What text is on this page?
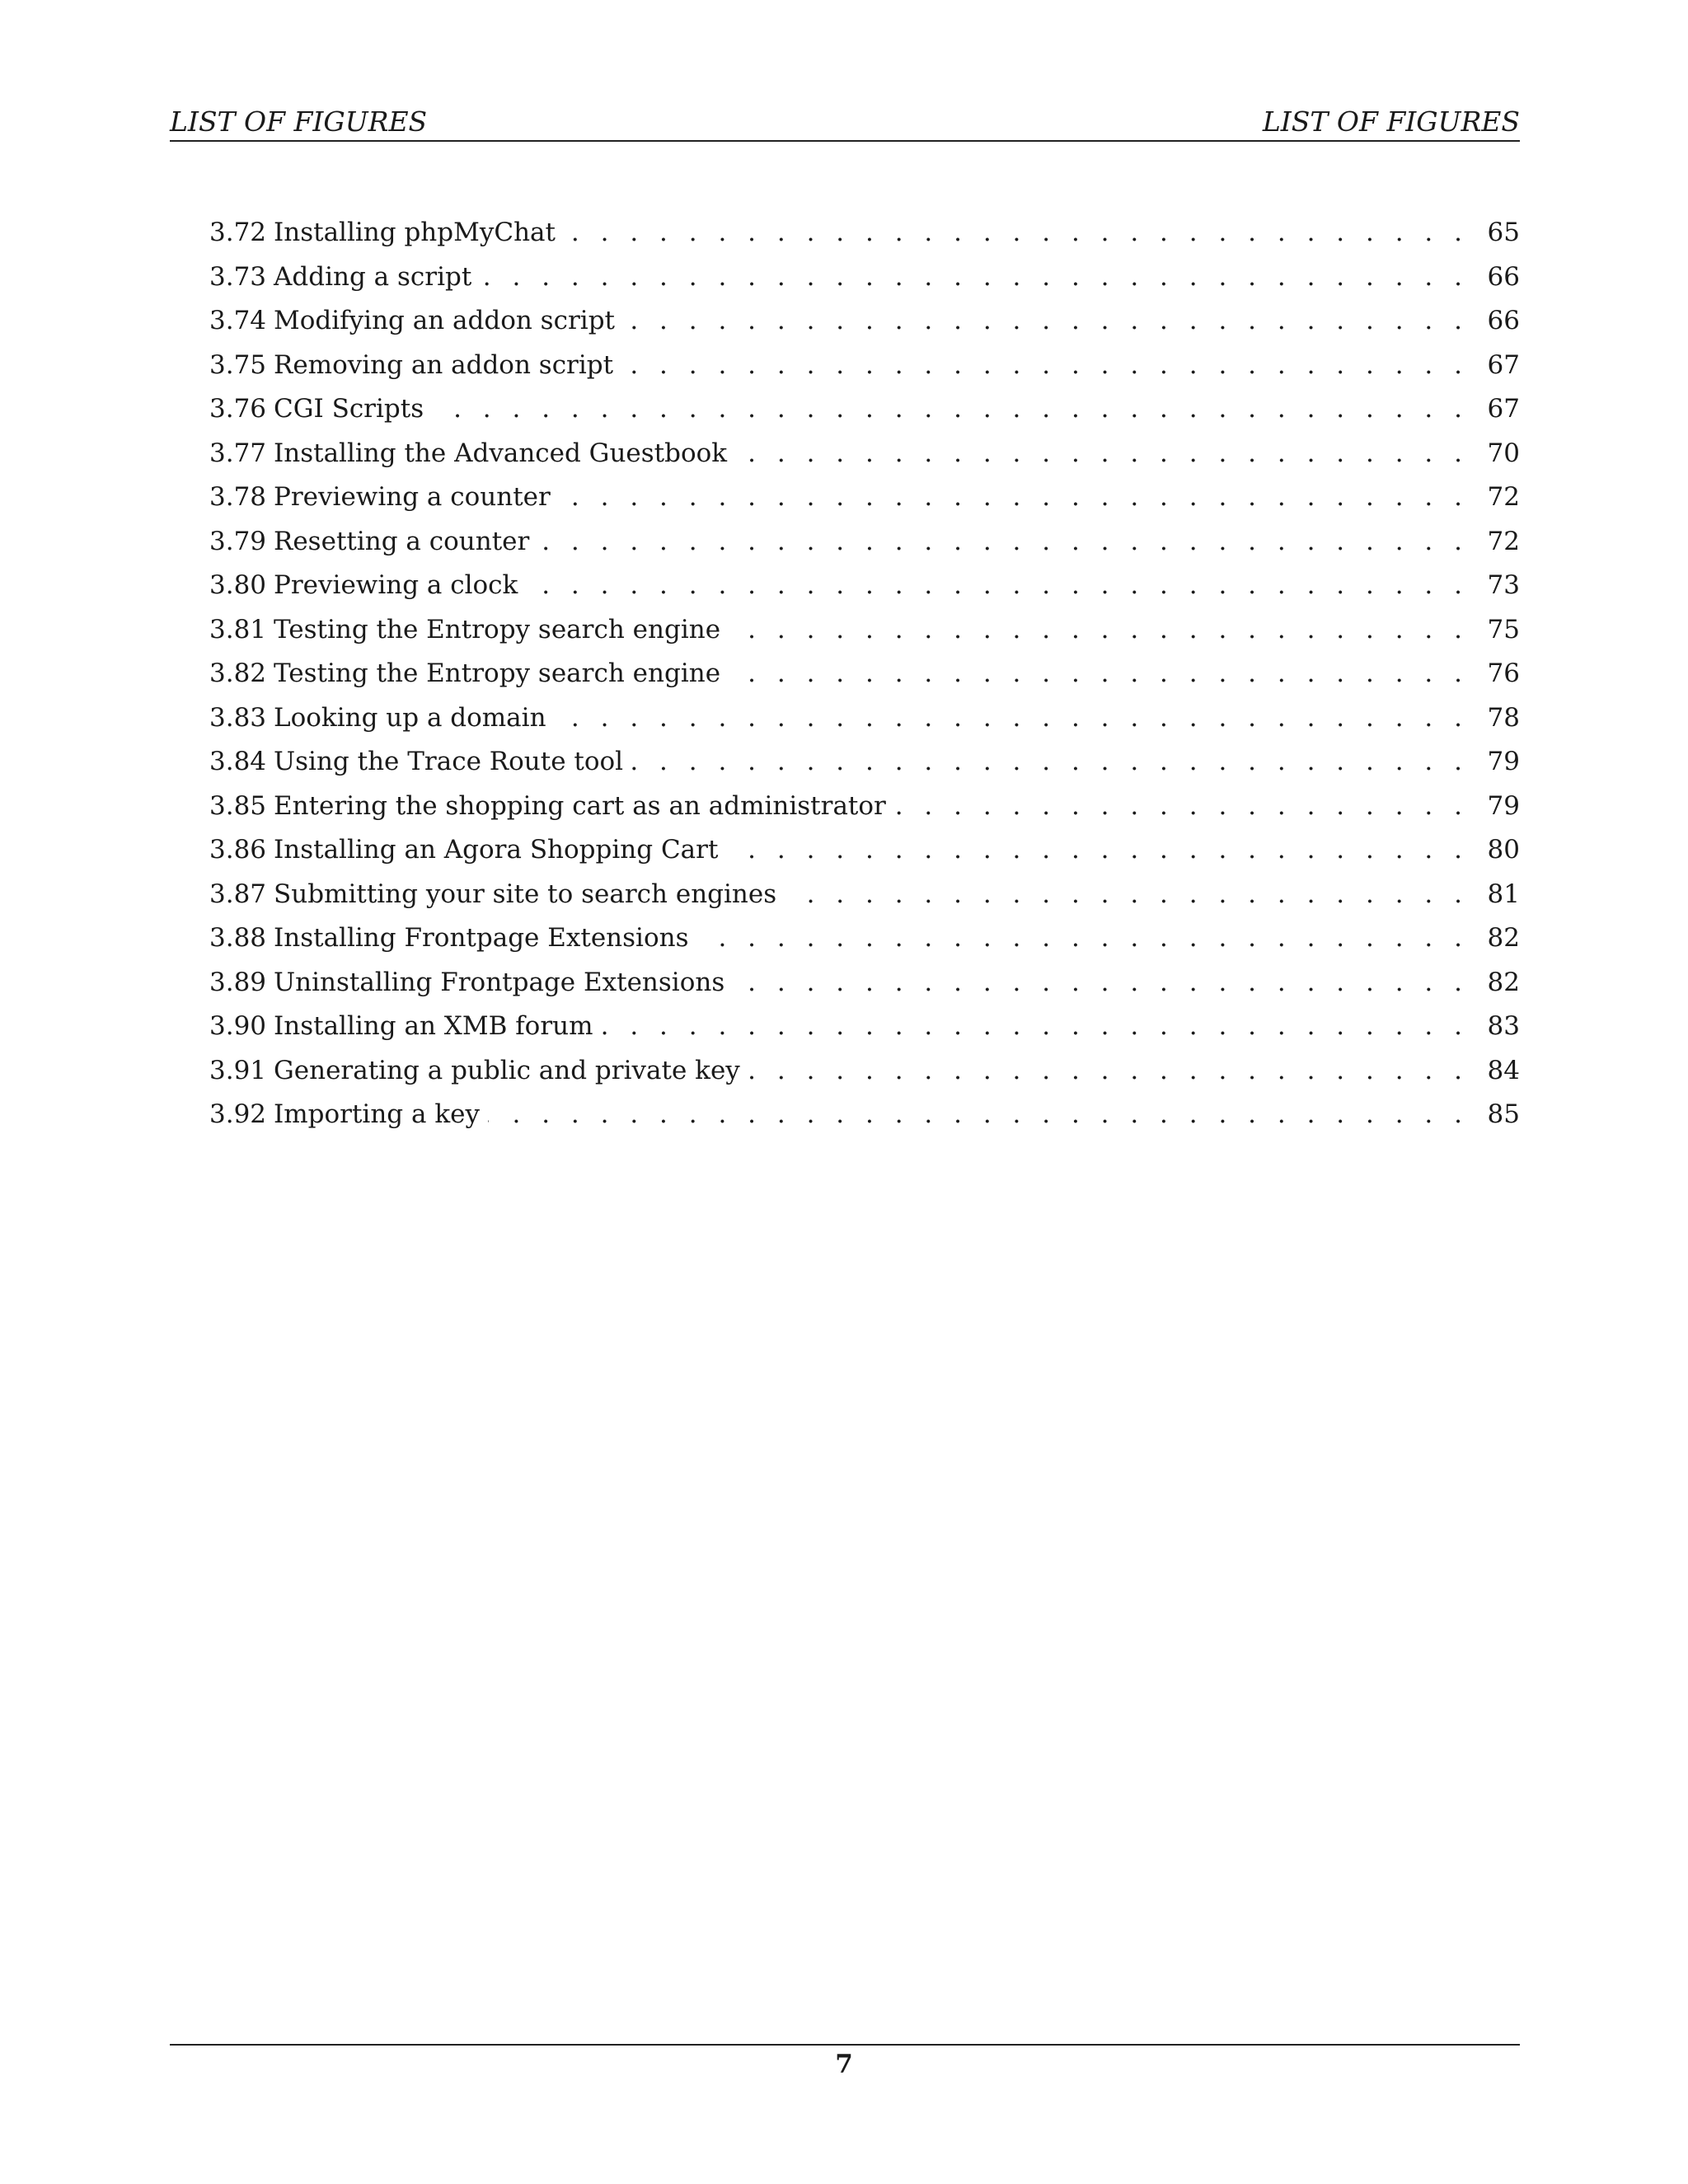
LIST OF FIGURES	LIST OF FIGURES
3.72 Installing phpMyChat . . .	65
3.73 Adding a script . . .	66
3.74 Modifying an addon script . . .	66
3.75 Removing an addon script . . .	67
3.76 CGI Scripts . . .	67
3.77 Installing the Advanced Guestbook . . .	70
3.78 Previewing a counter . . .	72
3.79 Resetting a counter . . .	72
3.80 Previewing a clock . . .	73
3.81 Testing the Entropy search engine . . .	75
3.82 Testing the Entropy search engine . . .	76
3.83 Looking up a domain . . .	78
3.84 Using the Trace Route tool . . .	79
3.85 Entering the shopping cart as an administrator . . .	79
3.86 Installing an Agora Shopping Cart . . .	80
3.87 Submitting your site to search engines . . .	81
3.88 Installing Frontpage Extensions . . .	82
3.89 Uninstalling Frontpage Extensions . . .	82
3.90 Installing an XMB forum . . .	83
3.91 Generating a public and private key . . .	84
3.92 Importing a key . . .	85
7
